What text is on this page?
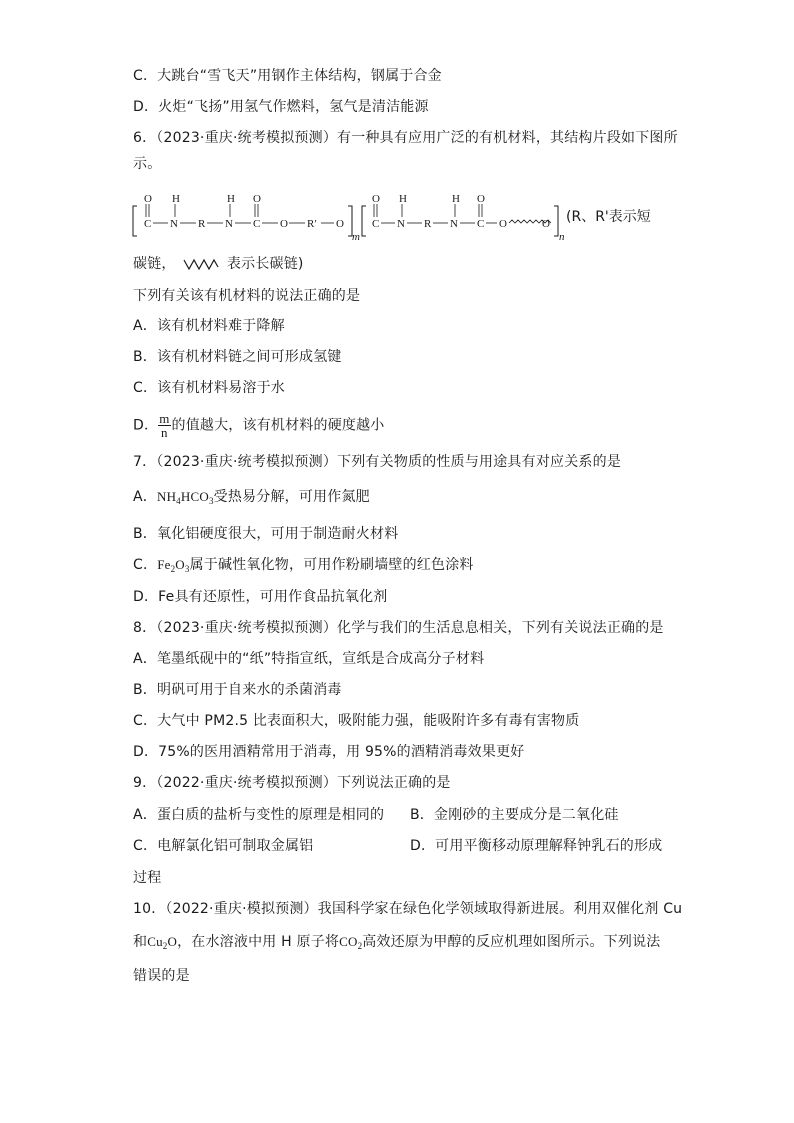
C．大跳台“雪飞天”用钢作主体结构，钢属于合金
D．火炬“飞扬”用氢气作燃料，氢气是清洁能源
6．（2023·重庆·统考模拟预测）有一种具有应用广泛的有机材料，其结构片段如下图所
示。
C
O
N
H
R N
H
C
O
O R′ O
m
C
O
N
H
R N
H
C
O
O	O
n
(R、R'表示短
碳链，	表示长碳链)
下列有关该有机材料的说法正确的是
A．该有机材料难于降解
B．该有机材料链之间可形成氢键
C．该有机材料易溶于水
D． $\frac{m}{n}$ 的值越大，该有机材料的硬度越小
7．（2023·重庆·统考模拟预测）下列有关物质的性质与用途具有对应关系的是
A．$NH_4HCO_3$受热易分解，可用作氮肥
B．氧化铝硬度很大，可用于制造耐火材料
C．$Fe_2O_3$属于碱性氧化物，可用作粉刷墙壁的红色涂料
D．Fe具有还原性，可用作食品抗氧化剂
8．（2023·重庆·统考模拟预测）化学与我们的生活息息相关，下列有关说法正确的是
A．笔墨纸砚中的“纸”特指宣纸，宣纸是合成高分子材料
B．明矾可用于自来水的杀菌消毒
C．大气中 PM2.5 比表面积大，吸附能力强，能吸附许多有毒有害物质
D．75%的医用酒精常用于消毒，用 95%的酒精消毒效果更好
9．（2022·重庆·统考模拟预测）下列说法正确的是
A．蛋白质的盐析与变性的原理是相同的 B．金刚砂的主要成分是二氧化硅
C．电解氯化铝可制取金属铝	D．可用平衡移动原理解释钟乳石的形成
过程
10．（2022·重庆·模拟预测）我国科学家在绿色化学领域取得新进展。利用双催化剂 Cu
和$Cu_2O$，在水溶液中用 H 原子将$CO_2$高效还原为甲醇的反应机理如图所示。下列说法
错误的是
